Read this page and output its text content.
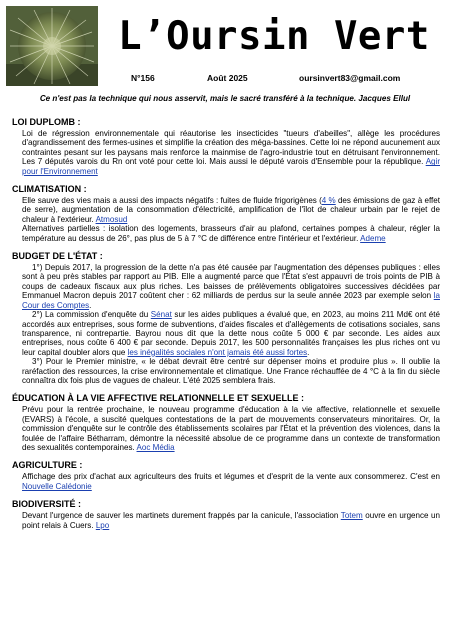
L’Oursin Vert
N°156	Août 2025	oursinvert83@gmail.com
Ce n'est pas la technique qui nous asservit, mais le sacré transféré à la technique. Jacques Ellul
LOI DUPLOMB :

Loi de régression environnementale qui réautorise les insecticides "tueurs d'abeilles", allège les procédures d'agrandissement des fermes-usines et simplifie la création des méga-bassines. Cette loi ne répond aucunement aux contraintes pesant sur les paysans mais renforce la mainmise de l'agro-industrie tout en détruisant l'environnement. Les 7 députés varois du Rn ont voté pour cette loi. Mais aussi le député varois d'Ensemble pour la république. Agir pour l'Environnement

CLIMATISATION :

Elle sauve des vies mais a aussi des impacts négatifs : fuites de fluide frigorigènes (4 % des émissions de gaz à effet de serre), augmentation de la consommation d'électricité, amplification de l'îlot de chaleur urbain par le rejet de chaleur à l'extérieur. Atmosud
Alternatives partielles : isolation des logements, brasseurs d'air au plafond, certaines pompes à chaleur, régler la température au dessus de 26°, pas plus de 5 à 7 °C de différence entre l'intérieur et l'extérieur. Ademe

BUDGET DE L'ÉTAT :

1°) Depuis 2017, la progression de la dette n'a pas été causée par l'augmentation des dépenses publiques : elles sont à peu près stables par rapport au PIB. Elle a augmenté parce que l'État s'est appauvri de trois points de PIB à coups de cadeaux fiscaux aux plus riches. Les baisses de prélèvements obligatoires successives décidées par Emmanuel Macron depuis 2017 coûtent cher : 62 milliards de perdus sur la seule année 2023 par exemple selon la Cour des Comptes.

2°) La commission d'enquête du Sénat sur les aides publiques a évalué que, en 2023, au moins 211 Md€ ont été accordés aux entreprises, sous forme de subventions, d'aides fiscales et d'allègements de cotisations sociales, sans transparence, ni contrepartie. Bayrou nous dit que la dette nous coûte 5 000 € par seconde. Les aides aux entreprises, nous coûte 6 400 € par seconde. Depuis 2017, les 500 personnalités françaises les plus riches ont vu leur capital doubler alors que les inégalités sociales n'ont jamais été aussi fortes.

3°) Pour le Premier ministre, « le débat devrait être centré sur dépenser moins et produire plus ». Il oublie la raréfaction des ressources, la crise environnementale et climatique. Une France réchauffée de 4 °C à la fin du siècle connaîtra dix fois plus de vagues de chaleur. L'été 2025 semblera frais.

ÉDUCATION À LA VIE AFFECTIVE RELATIONNELLE ET SEXUELLE :

Prévu pour la rentrée prochaine, le nouveau programme d'éducation à la vie affective, relationnelle et sexuelle (EVARS) à l'école, a suscité quelques contestations de la part de mouvements conservateurs minoritaires. Or, la commission d'enquête sur le contrôle des établissements scolaires par l'État et la prévention des violences, dans la foulée de l'affaire Bétharram, démontre la nécessité absolue de ce programme dans un contexte de transformation des sexualités contemporaines. Aoc Média

AGRICULTURE :

Affichage des prix d'achat aux agriculteurs des fruits et légumes et d'esprit de la vente aux consommerez. C'est en Nouvelle Calédonie

BIODIVERSITÉ :

Devant l'urgence de sauver les martinets durement frappés par la canicule, l'association Totem ouvre en urgence un point relais à Cuers. Lpo
